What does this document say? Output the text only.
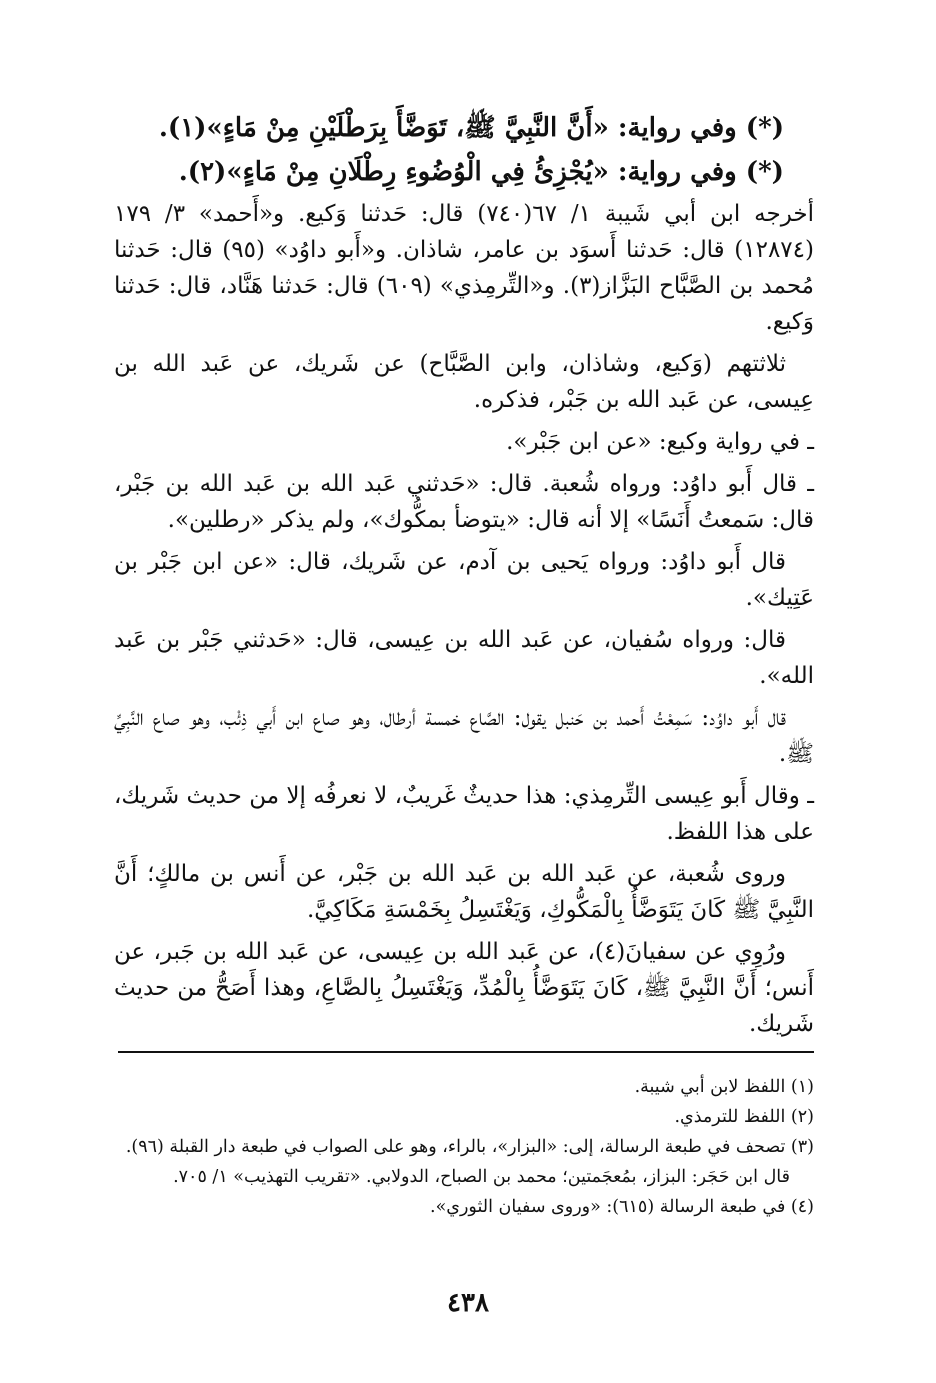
(*) وفي رواية: «أَنَّ النَّبِيَّ ﷺ، تَوَضَّأَ بِرَطْلَيْنِ مِنْ مَاءٍ»(١).

(*) وفي رواية: «يُجْزِئُ فِي الْوُضُوءِ رِطْلَانِ مِنْ مَاءٍ»(٢).

أخرجه ابن أبي شَيبة ١/ ٦٧(٧٤٠) قال: حَدثنا وَكيع. و«أَحمد» ٣/ ١٧٩ (١٢٨٧٤) قال: حَدثنا أَسوَد بن عامر، شاذان. و«أَبو داوُد» (٩٥) قال: حَدثنا مُحمد بن الصَّبَّاح البَزَّاز(٣). و«التِّرمِذي» (٦٠٩) قال: حَدثنا هَنَّاد، قال: حَدثنا وَكيع.

ثلاثتهم (وَكيع، وشاذان، وابن الصَّبَّاح) عن شَريك، عن عَبد الله بن عِيسى، عن عَبد الله بن جَبْر، فذكره.

ـ في رواية وكيع: «عن ابن جَبْر».

ـ قال أَبو داوُد: ورواه شُعبة. قال: «حَدثني عَبد الله بن عَبد الله بن جَبْر، قال: سَمعتُ أَنَسًا» إلا أنه قال: «يتوضأ بمكُّوك»، ولم يذكر «رطلين».

قال أَبو داوُد: ورواه يَحيى بن آدم، عن شَريك، قال: «عن ابن جَبْر بن عَتِيك».

قال: ورواه سُفيان، عن عَبد الله بن عِيسى، قال: «حَدثني جَبْر بن عَبد الله».

قال أَبو داوُد: سَمِعْتُ أَحمد بن حَنبل يقول: الصَّاع خمسة أرطال، وهو صاع ابن أَبي ذِئْب، وهو صاع النَّبِيِّ ﷺ.

ـ وقال أَبو عِيسى التِّرمِذي: هذا حديثٌ غَريبٌ، لا نعرفُه إلا من حديث شَريك، على هذا اللفظ.

وروى شُعبة، عن عَبد الله بن عَبد الله بن جَبْر، عن أَنس بن مالكٍ؛ أَنَّ النَّبِيَّ ﷺ كَانَ يَتَوَضَّأُ بِالْمَكُّوكِ، وَيَغْتَسِلُ بِخَمْسَةِ مَكَاكِيَّ.

ورُوِي عن سفيانَ(٤)، عن عَبد الله بن عِيسى، عن عَبد الله بن جَبر، عن أَنس؛ أَنَّ النَّبِيَّ ﷺ، كَانَ يَتَوَضَّأُ بِالْمُدِّ، وَيَغْتَسِلُ بِالصَّاعِ، وهذا أَصَحُّ من حديث شَريك.

(١) اللفظ لابن أبي شيبة.

(٢) اللفظ للترمذي.

(٣) تصحف في طبعة الرسالة، إلى: «البزار»، بالراء، وهو على الصواب في طبعة دار القبلة (٩٦).

قال ابن حَجَر: البزاز، بمُعجَمتين؛ محمد بن الصباح، الدولابي. «تقريب التهذيب» ١/ ٧٠٥.

(٤) في طبعة الرسالة (٦١٥): «وروى سفيان الثوري».

٤٣٨
